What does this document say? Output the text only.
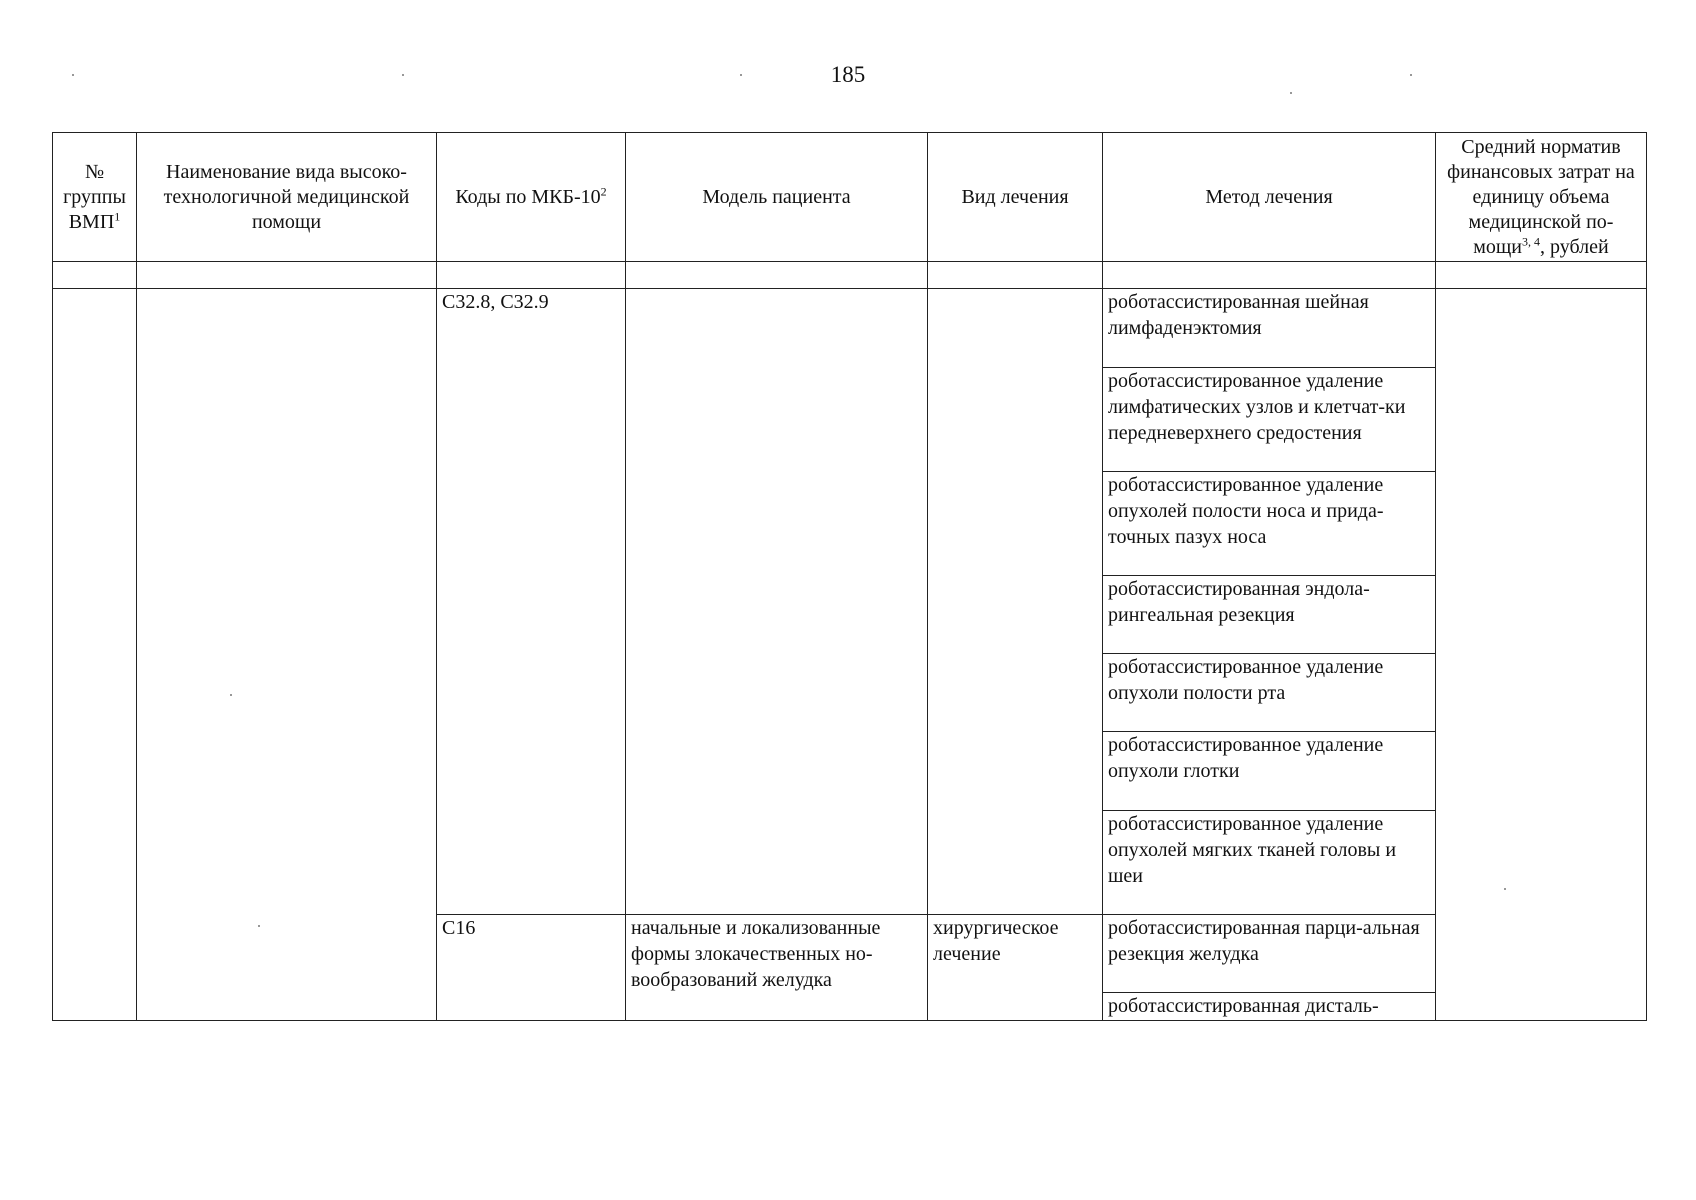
185
№ группы ВМП$^1$	Наименование вида высоко-технологичной медицинской помощи	Коды по МКБ-$10^2$	Модель пациента	Вид лечения	Метод лечения	Средний норматив финансовых затрат на единицу объема медицинской по-мощи$^{3, 4}$, рублей

		C32.8, C32.9			роботассистированная шейная лимфаденэктомия	
					роботассистированное удаление лимфатических узлов и клетчат-ки передневерхнего средостения	
					роботассистированное удаление опухолей полости носа и прида-точных пазух носа	
					роботассистированная эндола-рингеальная резекция	
					роботассистированное удаление опухоли полости рта	
					роботассистированное удаление опухоли глотки	
					роботассистированное удаление опухолей мягких тканей головы и шеи	
		C16	начальные и локализованные формы злокачественных но-вообразований желудка	хирургическое лечение	роботассистированная парци-альная резекция желудка	
					роботассистированная дисталь-	
